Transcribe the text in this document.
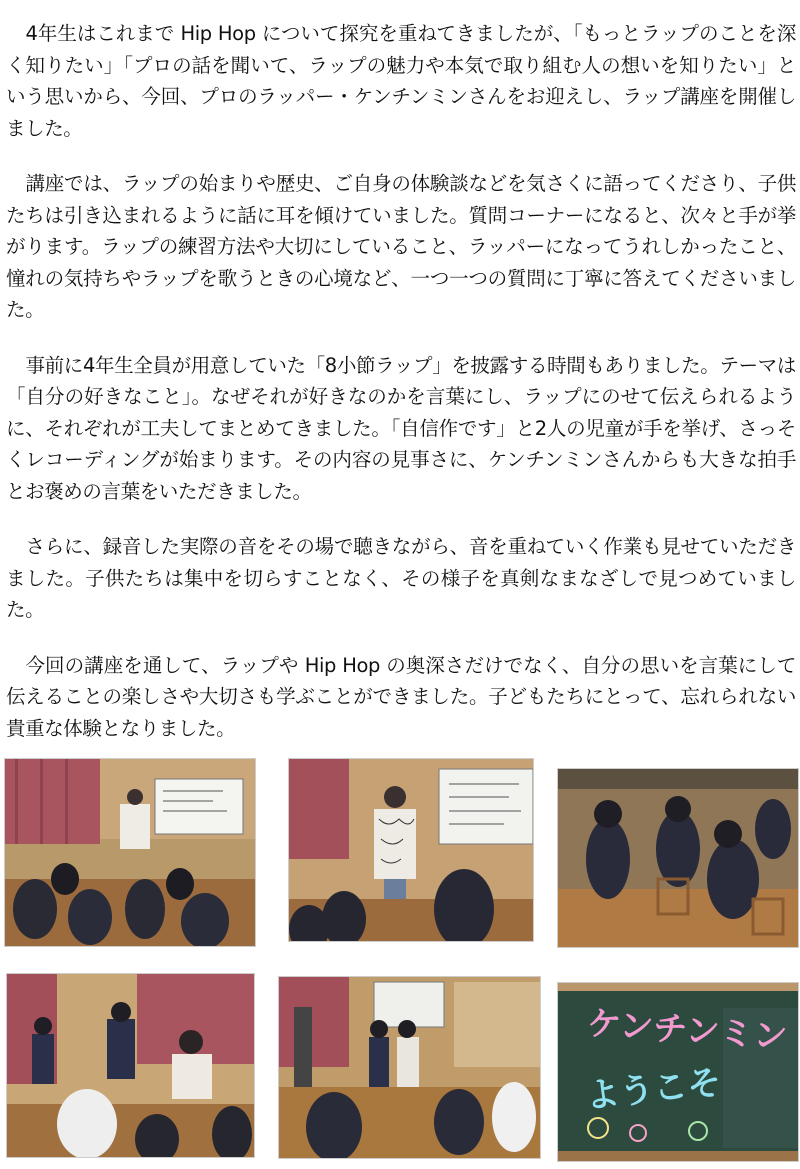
4年生はこれまで Hip Hop について探究を重ねてきましたが、「もっとラップのことを深く知りたい」「プロの話を聞いて、ラップの魅力や本気で取り組む人の想いを知りたい」という思いから、今回、プロのラッパー・ケンチンミンさんをお迎えし、ラップ講座を開催しました。

講座では、ラップの始まりや歴史、ご自身の体験談などを気さくに語ってくださり、子供たちは引き込まれるように話に耳を傾けていました。質問コーナーになると、次々と手が挙がります。ラップの練習方法や大切にしていること、ラッパーになってうれしかったこと、憧れの気持ちやラップを歌うときの心境など、一つ一つの質問に丁寧に答えてくださいました。

事前に4年生全員が用意していた「8小節ラップ」を披露する時間もありました。テーマは「自分の好きなこと」。なぜそれが好きなのかを言葉にし、ラップにのせて伝えられるように、それぞれが工夫してまとめてきました。「自信作です」と2人の児童が手を挙げ、さっそくレコーディングが始まります。その内容の見事さに、ケンチンミンさんからも大きな拍手とお褒めの言葉をいただきました。

さらに、録音した実際の音をその場で聴きながら、音を重ねていく作業も見せていただきました。子供たちは集中を切らすことなく、その様子を真剣なまなざしで見つめていました。

今回の講座を通して、ラップや Hip Hop の奥深さだけでなく、自分の思いを言葉にして伝えることの楽しさや大切さも学ぶことができました。子どもたちにとって、忘れられない貴重な体験となりました。

ケンチンミン
ようこそ
